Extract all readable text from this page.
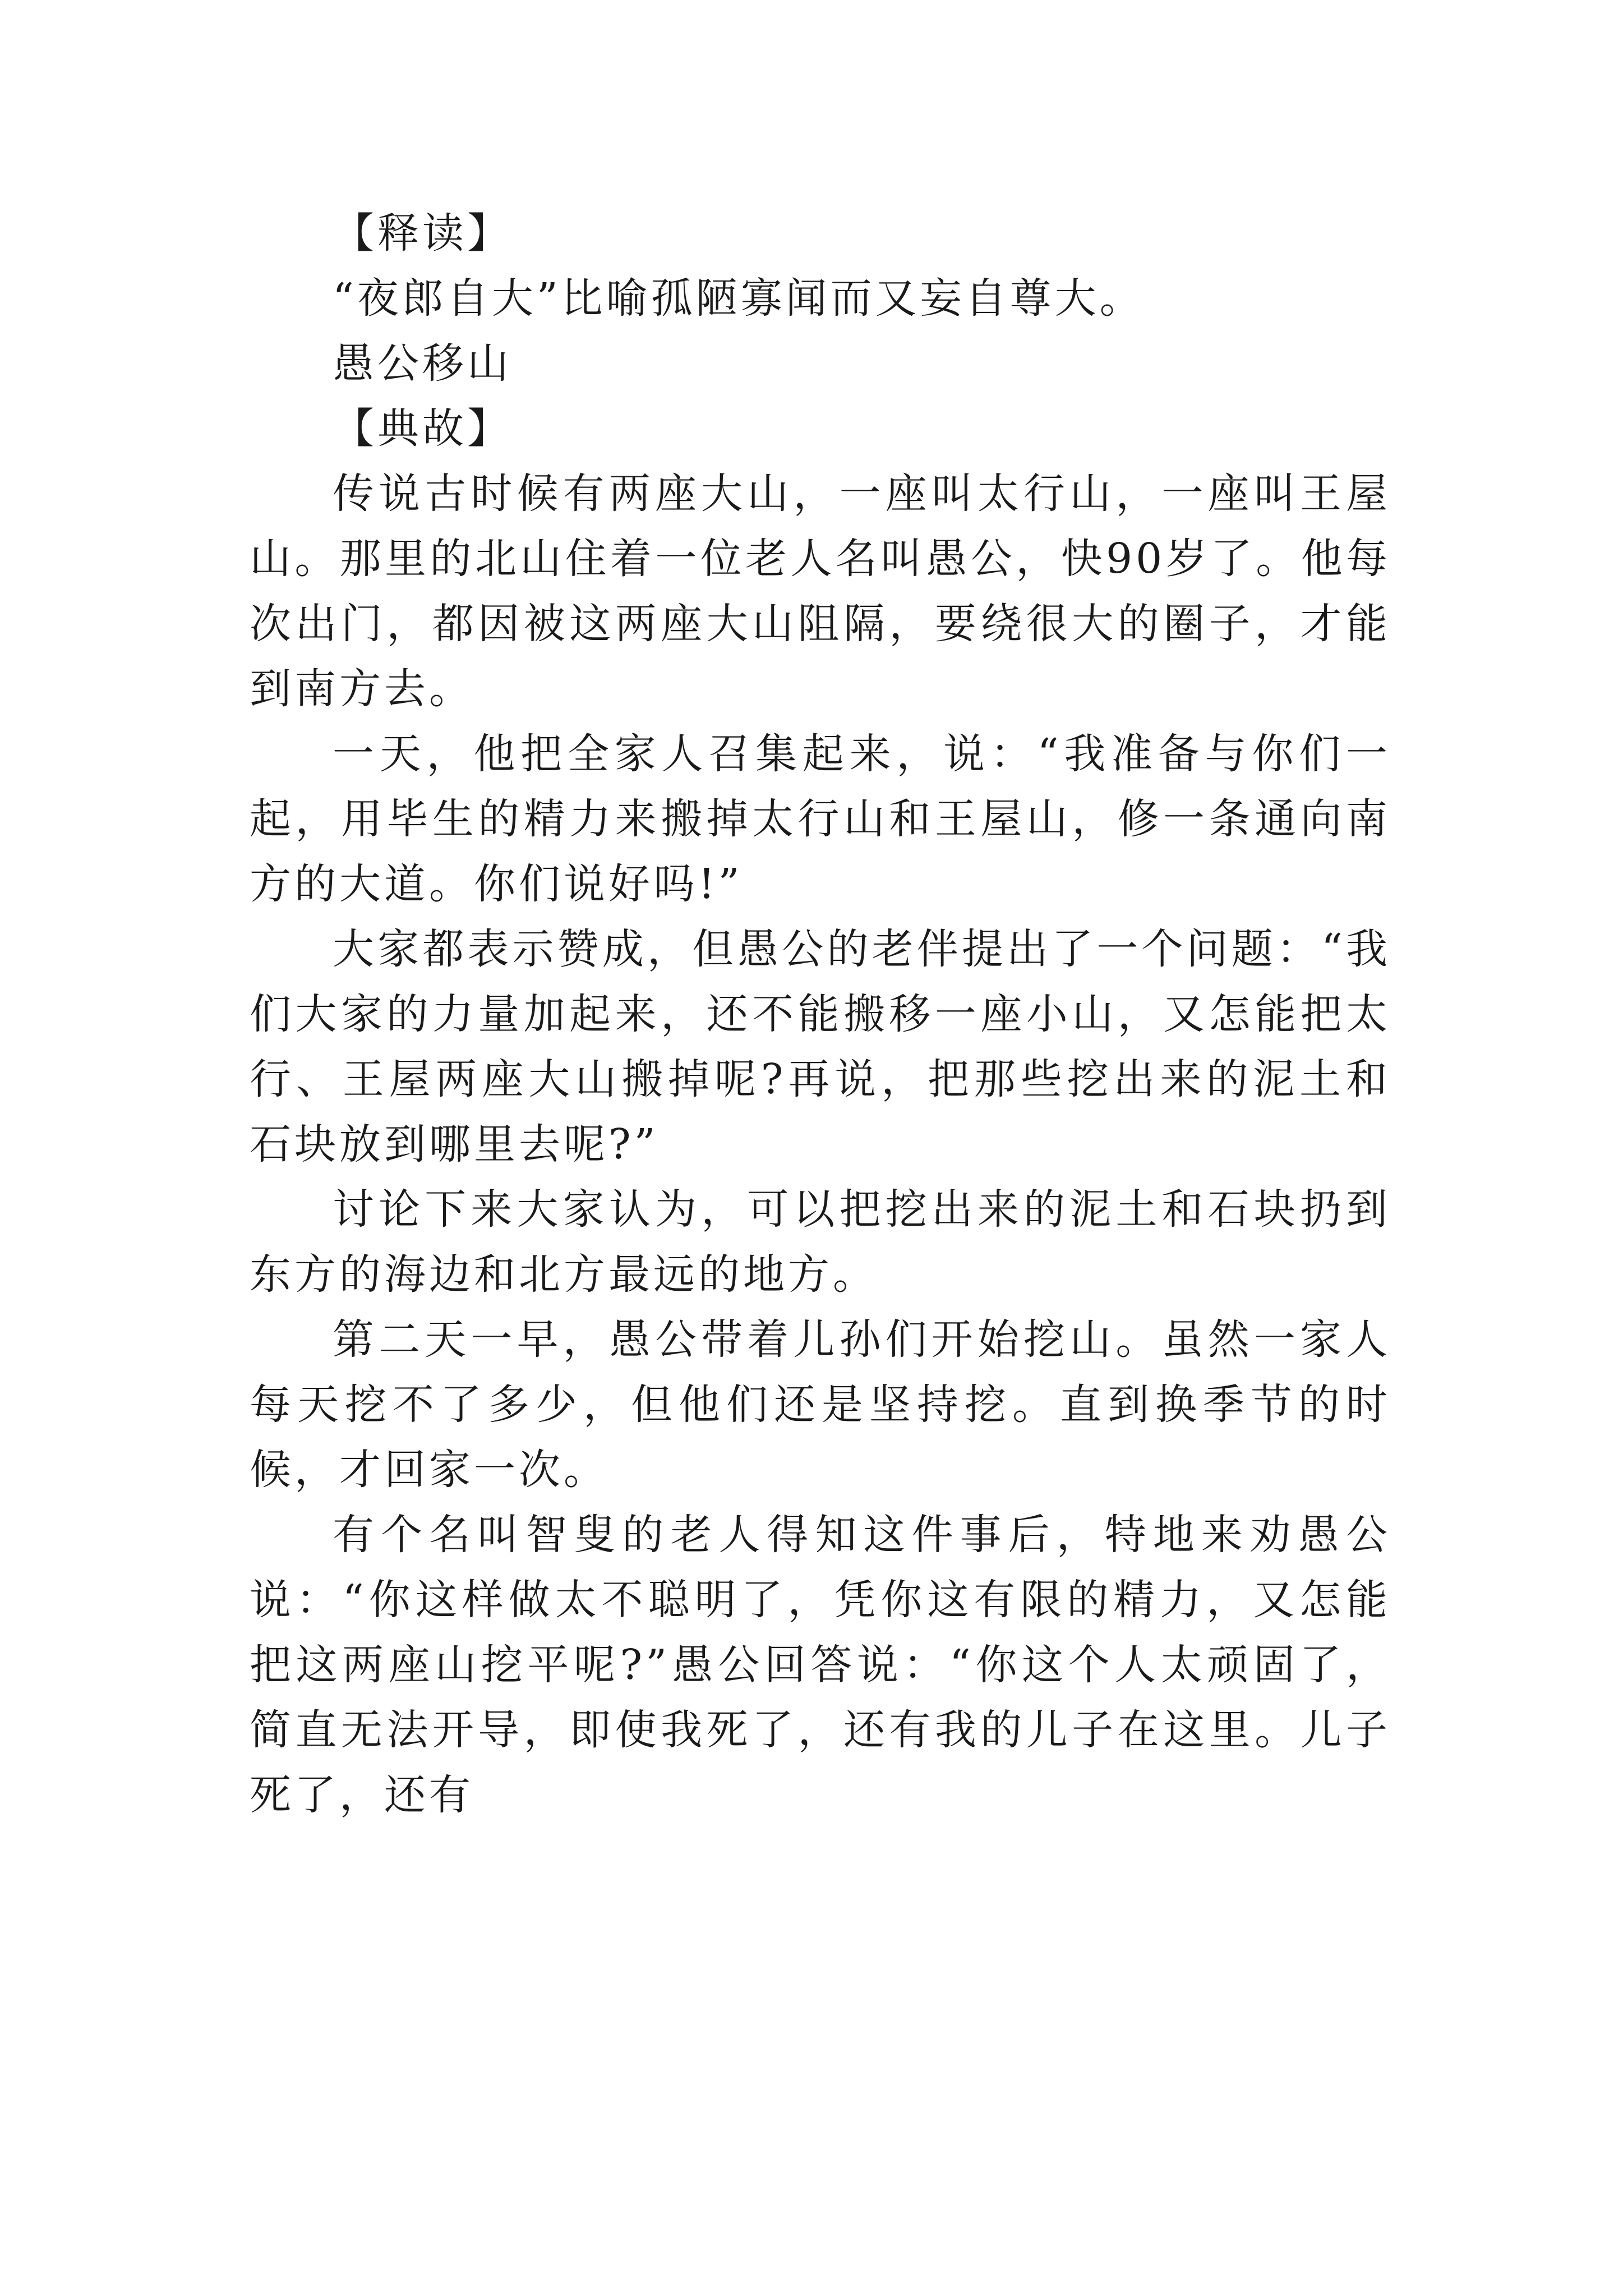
【释读】

“夜郎自大”比喻孤陋寡闻而又妄自尊大。

愚公移山

【典故】

传说古时候有两座大山，一座叫太行山，一座叫王屋山。那里的北山住着一位老人名叫愚公，快90岁了。他每次出门，都因被这两座大山阻隔，要绕很大的圈子，才能到南方去。

一天，他把全家人召集起来，说：“我准备与你们一起，用毕生的精力来搬掉太行山和王屋山，修一条通向南方的大道。你们说好吗!”

大家都表示赞成，但愚公的老伴提出了一个问题：“我们大家的力量加起来，还不能搬移一座小山，又怎能把太行、王屋两座大山搬掉呢?再说，把那些挖出来的泥土和石块放到哪里去呢?”

讨论下来大家认为，可以把挖出来的泥土和石块扔到东方的海边和北方最远的地方。

第二天一早，愚公带着儿孙们开始挖山。虽然一家人每天挖不了多少，但他们还是坚持挖。直到换季节的时候，才回家一次。

有个名叫智叟的老人得知这件事后，特地来劝愚公说：“你这样做太不聪明了，凭你这有限的精力，又怎能把这两座山挖平呢?”愚公回答说：“你这个人太顽固了，简直无法开导，即使我死了，还有我的儿子在这里。儿子死了，还有
